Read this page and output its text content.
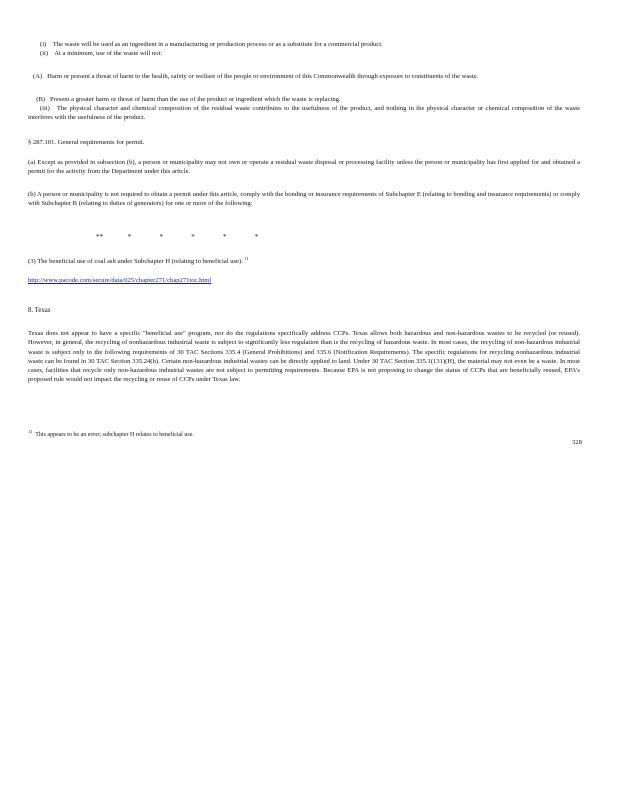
(i) The waste will be used as an ingredient in a manufacturing or production process or as a substitute for a commercial product.
(ii) At a minimum, use of the waste will not:
(A) Harm or present a threat of harm to the health, safety or welfare of the people or environment of this Commonwealth through exposure to constituents of the waste.
(B) Present a greater harm or threat of harm than the use of the product or ingredient which the waste is replacing.
(iii) The physical character and chemical composition of the residual waste contributes to the usefulness of the product, and nothing in the physical character or chemical composition of the waste interferes with the usefulness of the product.
§ 287.101. General requirements for permit.
(a) Except as provided in subsection (b), a person or municipality may not own or operate a residual waste disposal or processing facility unless the person or municipality has first applied for and obtained a permit for the activity from the Department under this article.
(b) A person or municipality is not required to obtain a permit under this article, comply with the bonding or insurance requirements of Subchapter E (relating to bonding and insurance requirements) or comply with Subchapter B (relating to duties of generators) for one or more of the following:
**	*	*	*	*	*
(3) The beneficial use of coal ash under Subchapter H (relating to beneficial use). $^{11}$
http://www.pacode.com/secure/data/025/chapter271/chap271toc.html
8. Texas
Texas does not appear to have a specific "beneficial use" program, nor do the regulations specifically address CCPs. Texas allows both hazardous and non-hazardous wastes to be recycled (or reused). However, in general, the recycling of nonhazardous industrial waste is subject to significantly less regulation than is the recycling of hazardous waste. In most cases, the recycling of non-hazardous industrial waste is subject only to the following requirements of 30 TAC Sections 335.4 (General Prohibitions) and 335.6 (Notification Requirements). The specific regulations for recycling nonhazardous industrial waste can be found in 30 TAC Section 335.24(h). Certain non-hazardous industrial wastes can be directly applied to land. Under 30 TAC Section 335.1(131)(H), the material may not even be a waste. In most cases, facilities that recycle only non-hazardous industrial wastes are not subject to permitting requirements. Because EPA is not proposing to change the status of CCPs that are beneficially reused, EPA's proposed rule would not impact the recycling or reuse of CCPs under Texas law.
$^{11}$  This appears to be an error; subchapter H relates to beneficial use.
328
